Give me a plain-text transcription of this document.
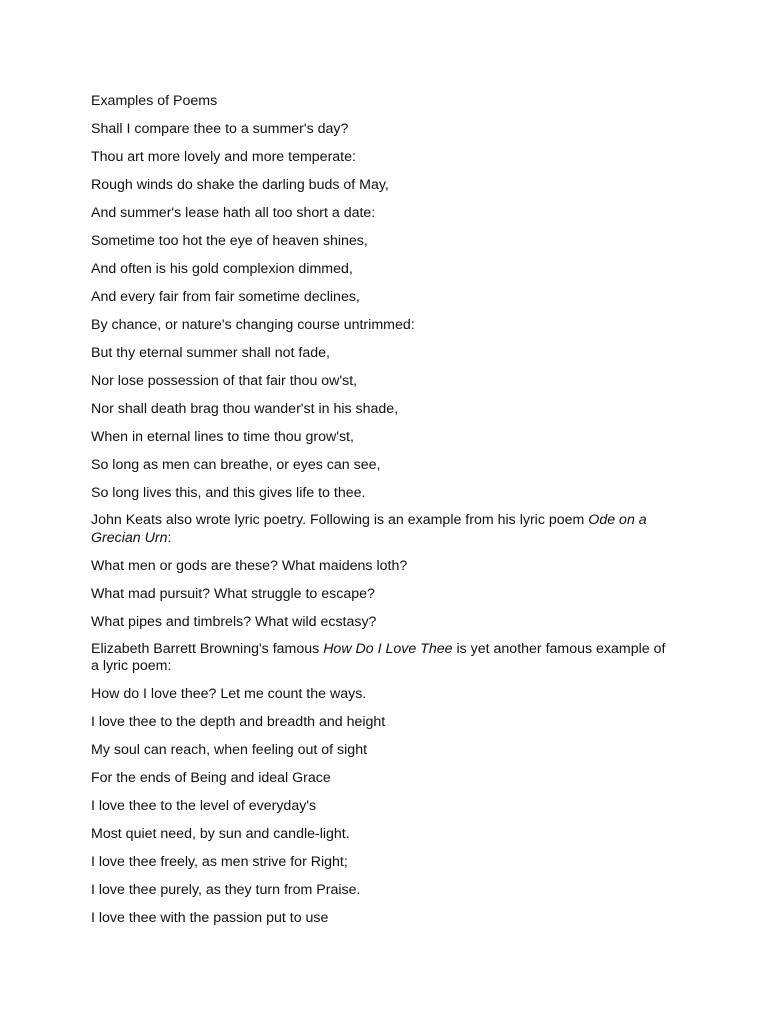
Examples of Poems
Shall I compare thee to a summer's day?
Thou art more lovely and more temperate:
Rough winds do shake the darling buds of May,
And summer's lease hath all too short a date:
Sometime too hot the eye of heaven shines,
And often is his gold complexion dimmed,
And every fair from fair sometime declines,
By chance, or nature's changing course untrimmed:
But thy eternal summer shall not fade,
Nor lose possession of that fair thou ow'st,
Nor shall death brag thou wander'st in his shade,
When in eternal lines to time thou grow'st,
So long as men can breathe, or eyes can see,
So long lives this, and this gives life to thee.
John Keats also wrote lyric poetry. Following is an example from his lyric poem Ode on a Grecian Urn:
What men or gods are these? What maidens loth?
What mad pursuit? What struggle to escape?
What pipes and timbrels? What wild ecstasy?
Elizabeth Barrett Browning's famous How Do I Love Thee is yet another famous example of a lyric poem:
How do I love thee? Let me count the ways.
I love thee to the depth and breadth and height
My soul can reach, when feeling out of sight
For the ends of Being and ideal Grace
I love thee to the level of everyday's
Most quiet need, by sun and candle-light.
I love thee freely, as men strive for Right;
I love thee purely, as they turn from Praise.
I love thee with the passion put to use
